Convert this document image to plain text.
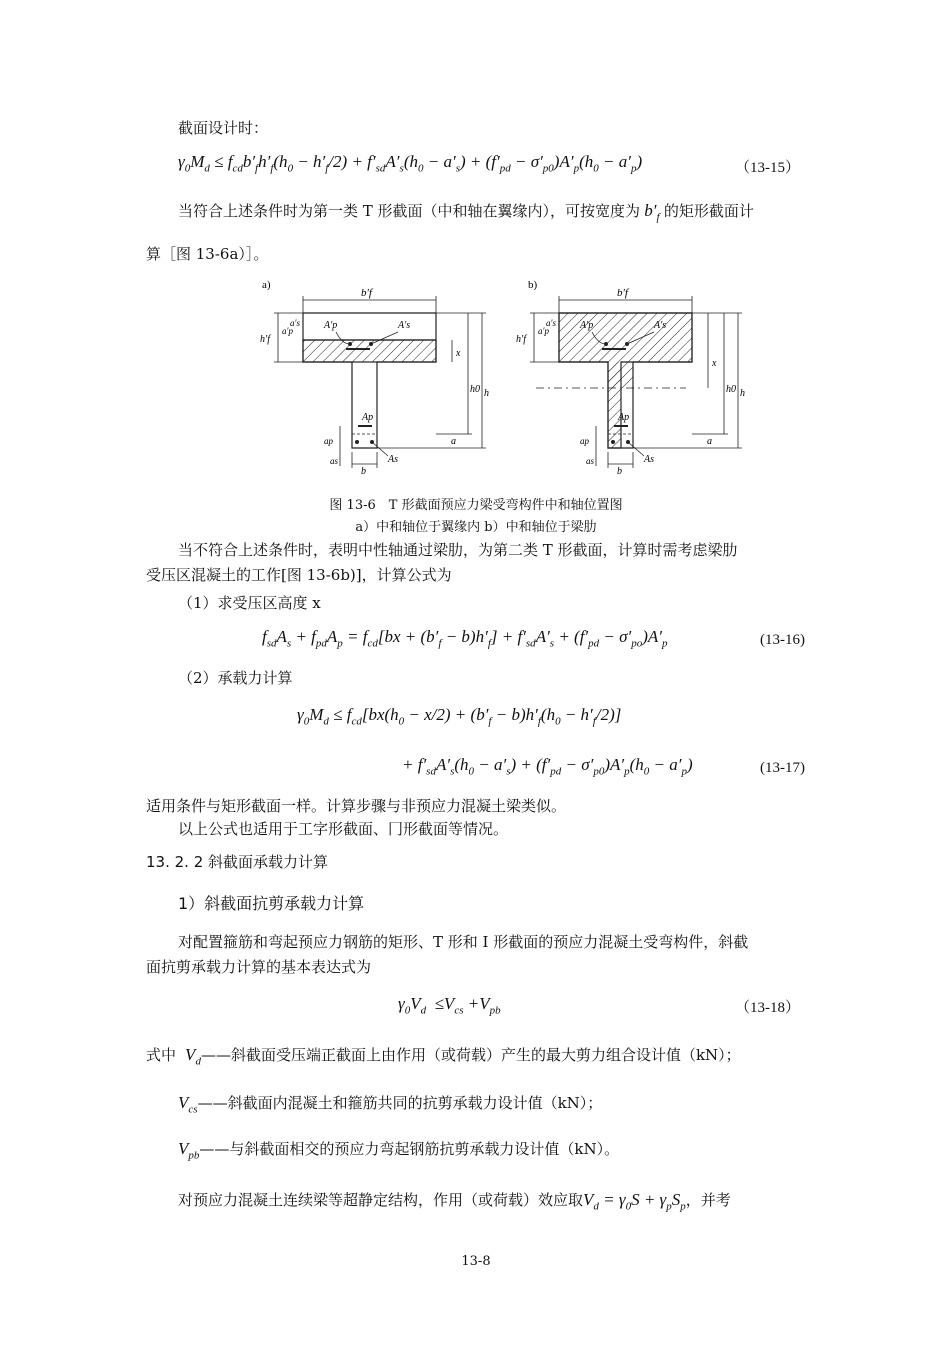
截面设计时：
$\gamma_0M_d \le f_{cd}b'_fh'_f(h_0 - h'_f/2) + f'_{sd}A'_s(h_0 - a'_s) + (f'_{pd} - \sigma'_{p0})A'_p(h_0 - a'_p)$	（13-15）
当符合上述条件时为第一类 T 形截面（中和轴在翼缘内），可按宽度为 $b'_f$ 的矩形截面计
算［图 13-6a）］。
a)
b′f
A′p	A′s
h′f
a′p
a′s
x
h0 h
a
Ap
As
ap
as
b
b)
b′f
A′p	A′s
h′f
a′p
a′s
x
h0 h
a
Ap
As
ap
as
b
图 13-6　T 形截面预应力梁受弯构件中和轴位置图
a）中和轴位于翼缘内 b）中和轴位于梁肋
当不符合上述条件时，表明中性轴通过梁肋，为第二类 T 形截面，计算时需考虑梁肋
受压区混凝土的工作[图 13-6b)]，计算公式为
（1）求受压区高度 x
$f_{sd}A_s + f_{pd}A_p = f_{cd}[bx + (b'_f - b)h'_f] + f'_{sd}A'_s + (f'_{pd} - \sigma'_{po})A'_p$	(13-16)
（2）承载力计算
$\gamma_0M_d \le f_{cd}[bx(h_0 - x/2) + (b'_f - b)h'_f(h_0 - h'_f/2)]$
+ $f'_{sd}A'_s(h_0 - a'_s) + (f'_{pd} - \sigma'_{p0})A'_p(h_0 - a'_p)$	(13-17)
适用条件与矩形截面一样。计算步骤与非预应力混凝土梁类似。
以上公式也适用于工字形截面、冂形截面等情况。
13. 2. 2 斜截面承载力计算
1）斜截面抗剪承载力计算
对配置箍筋和弯起预应力钢筋的矩形、T 形和 I 形截面的预应力混凝土受弯构件，斜截
面抗剪承载力计算的基本表达式为
$\gamma_0V_d \le V_{cs} +V_{pb}$	（13-18）
式中  $V_d——$斜截面受压端正截面上由作用（或荷载）产生的最大剪力组合设计值（kN）；
$V_{cs}——$斜截面内混凝土和箍筋共同的抗剪承载力设计值（kN）；
$V_{pb}——$与斜截面相交的预应力弯起钢筋抗剪承载力设计值（kN）。
对预应力混凝土连续梁等超静定结构，作用（或荷载）效应取$V_d = \gamma_0S + \gamma_pS_p$，并考
13-8
